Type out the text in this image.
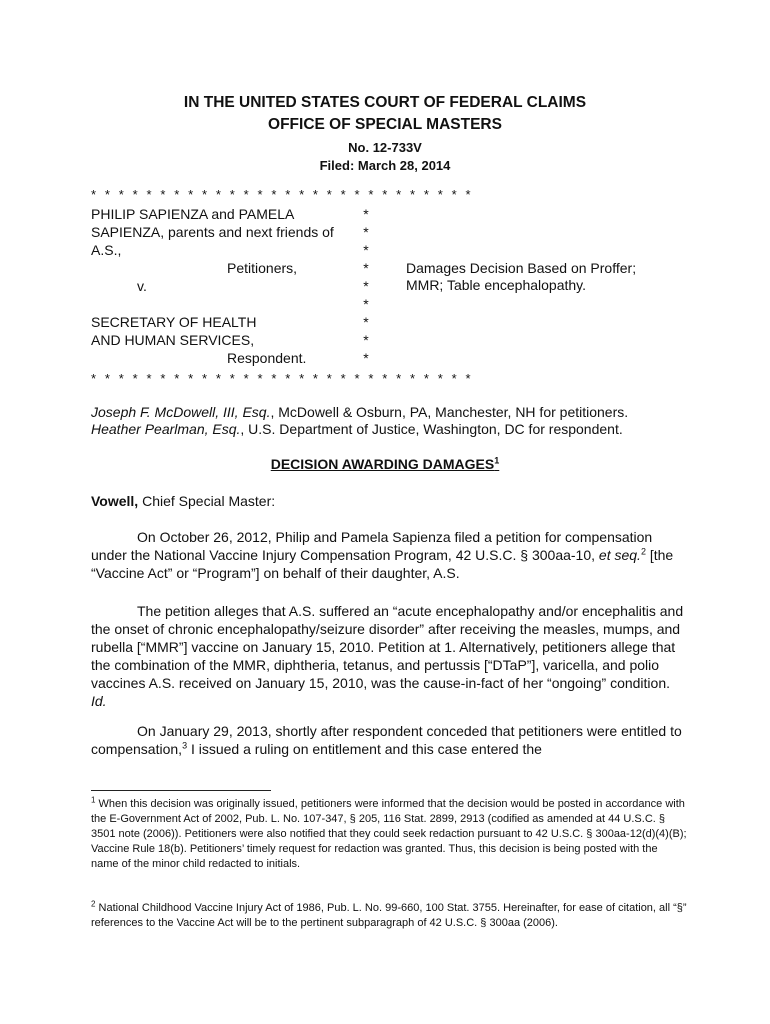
IN THE UNITED STATES COURT OF FEDERAL CLAIMS
OFFICE OF SPECIAL MASTERS
No. 12-733V
Filed: March 28, 2014
* * * * * * * * * * * * * * * * * * * * * * * * * * * *
PHILIP SAPIENZA and PAMELA
SAPIENZA, parents and next friends of
A.S.,
Petitioners,
v.
SECRETARY OF HEALTH
AND HUMAN SERVICES,
Respondent.
*
*
*
*
*
*
*
*
*
Damages Decision Based on Proffer;
MMR; Table encephalopathy.
* * * * * * * * * * * * * * * * * * * * * * * * * * * *
Joseph F. McDowell, III, Esq., McDowell & Osburn, PA, Manchester, NH for petitioners.
Heather Pearlman, Esq., U.S. Department of Justice, Washington, DC for respondent.
DECISION AWARDING DAMAGES$^1$
Vowell, Chief Special Master:
On October 26, 2012, Philip and Pamela Sapienza filed a petition for compensation under the National Vaccine Injury Compensation Program, 42 U.S.C. § 300aa-10, et seq.$^2$ [the “Vaccine Act” or “Program”] on behalf of their daughter, A.S.
The petition alleges that A.S. suffered an “acute encephalopathy and/or encephalitis and the onset of chronic encephalopathy/seizure disorder” after receiving the measles, mumps, and rubella [“MMR”] vaccine on January 15, 2010. Petition at 1. Alternatively, petitioners allege that the combination of the MMR, diphtheria, tetanus, and pertussis [“DTaP”], varicella, and polio vaccines A.S. received on January 15, 2010, was the cause-in-fact of her “ongoing” condition. Id.
On January 29, 2013, shortly after respondent conceded that petitioners were entitled to compensation,$^3$ I issued a ruling on entitlement and this case entered the
$^1$ When this decision was originally issued, petitioners were informed that the decision would be posted in accordance with the E-Government Act of 2002, Pub. L. No. 107-347, § 205, 116 Stat. 2899, 2913 (codified as amended at 44 U.S.C. § 3501 note (2006)). Petitioners were also notified that they could seek redaction pursuant to 42 U.S.C. § 300aa-12(d)(4)(B); Vaccine Rule 18(b). Petitioners’ timely request for redaction was granted. Thus, this decision is being posted with the name of the minor child redacted to initials.
$^2$ National Childhood Vaccine Injury Act of 1986, Pub. L. No. 99-660, 100 Stat. 3755. Hereinafter, for ease of citation, all “§” references to the Vaccine Act will be to the pertinent subparagraph of 42 U.S.C. § 300aa (2006).
